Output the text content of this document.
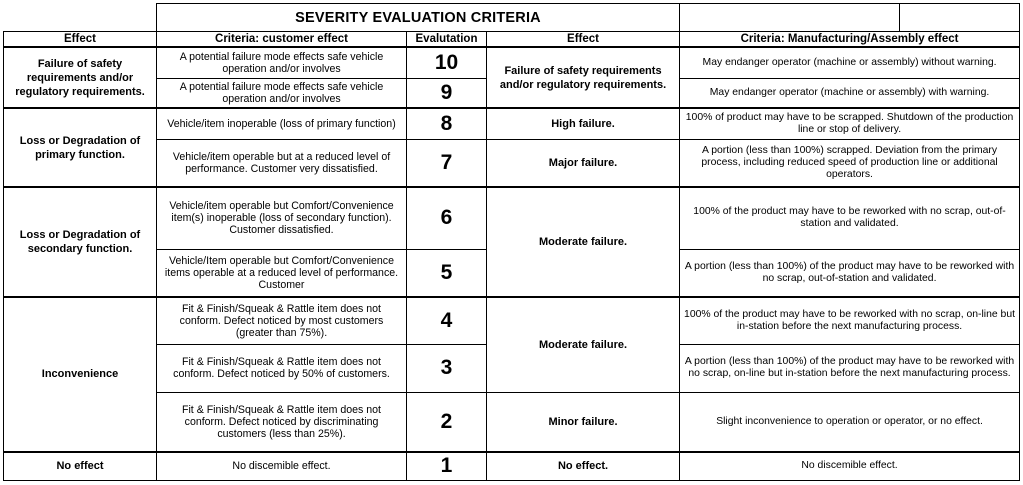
	SEVERITY EVALUATION CRITERIA				
Effect	Criteria: customer effect	Evalutation	Effect	Criteria: Manufacturing/Assembly effect	
Failure of safety requirements and/or regulatory requirements.	A potential failure mode effects safe vehicle operation and/or involves	10	Failure of safety requirements and/or regulatory requirements.	May endanger operator (machine or assembly) without warning.	
	A potential failure mode effects safe vehicle operation and/or involves	9		May endanger operator (machine or assembly) with warning.	
Loss or Degradation of primary function.	Vehicle/item inoperable (loss of primary function)	8	High failure.	100% of product may have to be scrapped. Shutdown of the production line or stop of delivery.	
	Vehicle/item operable but at a reduced level of performance. Customer very dissatisfied.	7	Major failure.	A portion (less than 100%) scrapped. Deviation from the primary process, including reduced speed of production line or additional operators.	
Loss or Degradation of secondary function.	Vehicle/item operable but Comfort/Convenience item(s) inoperable (loss of secondary function). Customer dissatisfied.	6	Moderate failure.	100% of the product may have to be reworked with no scrap, out-of-station and validated.	
	Vehicle/Item operable but Comfort/Convenience items operable at a reduced level of performance. Customer	5		A portion (less than 100%) of the product may have to be reworked with no scrap, out-of-station and validated.	
Inconvenience	Fit & Finish/Squeak & Rattle item does not conform. Defect noticed by most customers (greater than 75%).	4	Moderate failure.	100% of the product may have to be reworked with no scrap, on-line but in-station before the next manufacturing process.	
	Fit & Finish/Squeak & Rattle item does not conform. Defect noticed by 50% of customers.	3		A portion (less than 100%) of the product may have to be reworked with no scrap, on-line but in-station before the next manufacturing process.	
	Fit & Finish/Squeak & Rattle item does not conform. Defect noticed by discriminating customers (less than 25%).	2	Minor failure.	Slight inconvenience to operation or operator, or no effect.	
No effect	No discemible effect.	1	No effect.	No discemible effect.	
